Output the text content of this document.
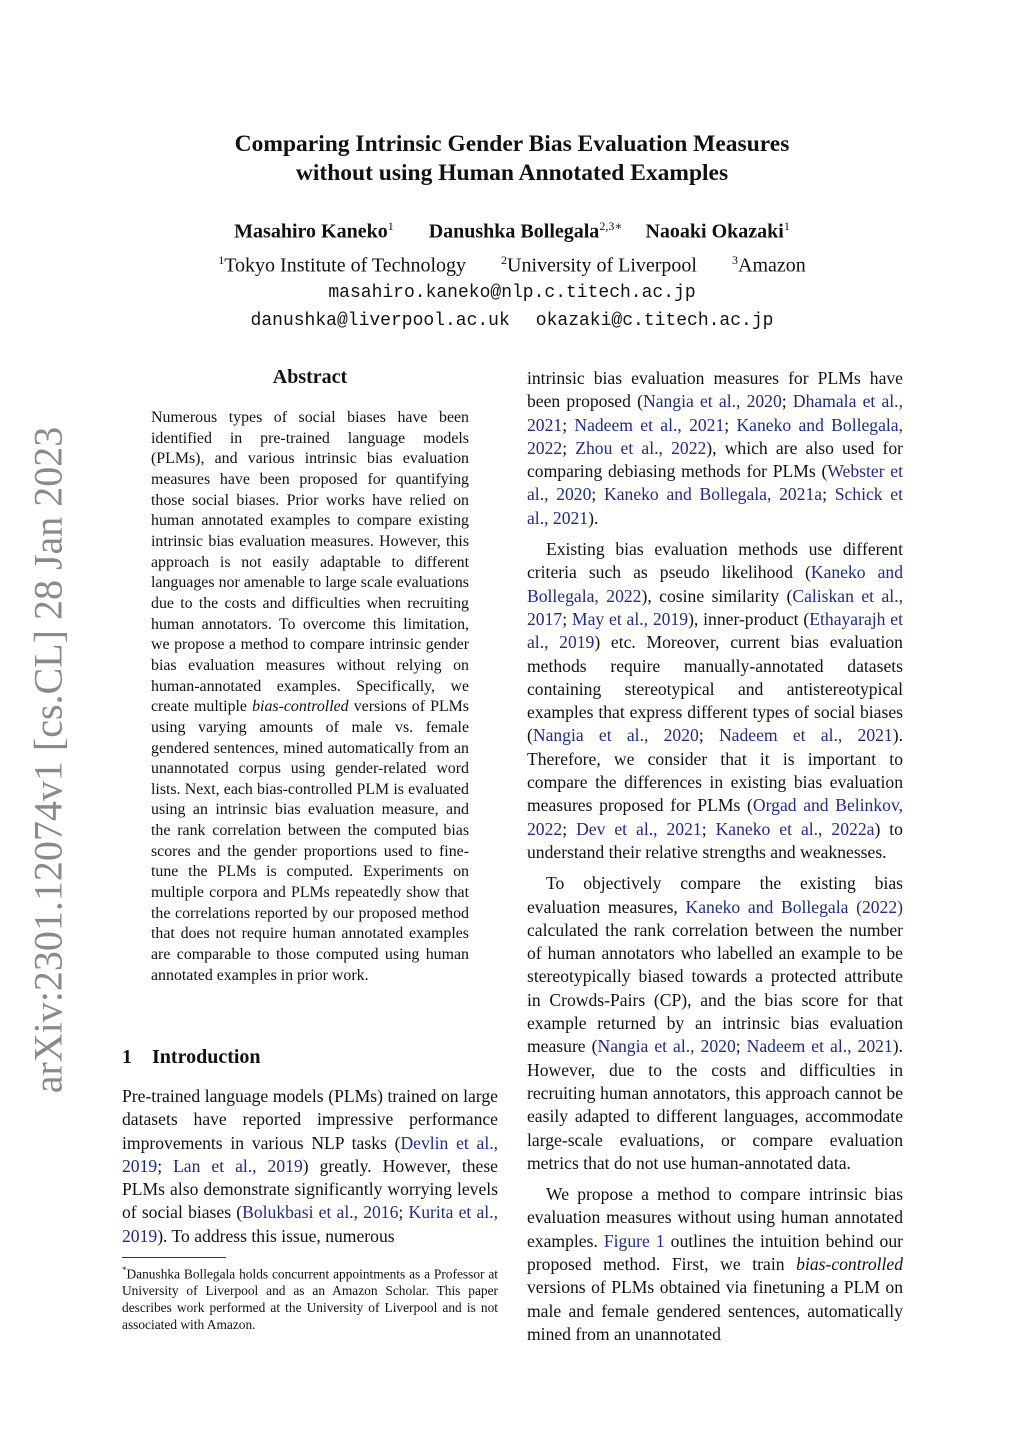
arXiv:2301.12074v1 [cs.CL] 28 Jan 2023
Comparing Intrinsic Gender Bias Evaluation Measures
without using Human Annotated Examples
Masahiro Kaneko$^1$ Danushka Bollegala$^{2,3∗}$ Naoaki Okazaki$^1$
$^1$Tokyo Institute of Technology	$^2$University of Liverpool	$^3$Amazon
masahiro.kaneko@nlp.c.titech.ac.jp
danushka@liverpool.ac.uk okazaki@c.titech.ac.jp
Abstract
Numerous types of social biases have been identified in pre-trained language models (PLMs), and various intrinsic bias evaluation measures have been proposed for quantifying those social biases. Prior works have relied on human annotated examples to compare existing intrinsic bias evaluation measures. However, this approach is not easily adaptable to different languages nor amenable to large scale evaluations due to the costs and difficulties when recruiting human annotators. To overcome this limitation, we propose a method to compare intrinsic gender bias evaluation measures without relying on human-annotated examples. Specifically, we create multiple bias-controlled versions of PLMs using varying amounts of male vs. female gendered sentences, mined automatically from an unannotated corpus using gender-related word lists. Next, each bias-controlled PLM is evaluated using an intrinsic bias evaluation measure, and the rank correlation between the computed bias scores and the gender proportions used to fine-tune the PLMs is computed. Experiments on multiple corpora and PLMs repeatedly show that the correlations reported by our proposed method that does not require human annotated examples are comparable to those computed using human annotated examples in prior work.
1 Introduction
Pre-trained language models (PLMs) trained on large datasets have reported impressive performance improvements in various NLP tasks (Devlin et al., 2019; Lan et al., 2019) greatly. However, these PLMs also demonstrate significantly worrying levels of social biases (Bolukbasi et al., 2016; Kurita et al., 2019). To address this issue, numerous
*Danushka Bollegala holds concurrent appointments as a Professor at University of Liverpool and as an Amazon Scholar. This paper describes work performed at the University of Liverpool and is not associated with Amazon.

intrinsic bias evaluation measures for PLMs have been proposed (Nangia et al., 2020; Dhamala et al., 2021; Nadeem et al., 2021; Kaneko and Bollegala, 2022; Zhou et al., 2022), which are also used for comparing debiasing methods for PLMs (Webster et al., 2020; Kaneko and Bollegala, 2021a; Schick et al., 2021).

Existing bias evaluation methods use different criteria such as pseudo likelihood (Kaneko and Bollegala, 2022), cosine similarity (Caliskan et al., 2017; May et al., 2019), inner-product (Ethayarajh et al., 2019) etc. Moreover, current bias evaluation methods require manually-annotated datasets containing stereotypical and antistereotypical examples that express different types of social biases (Nangia et al., 2020; Nadeem et al., 2021). Therefore, we consider that it is important to compare the differences in existing bias evaluation measures proposed for PLMs (Orgad and Belinkov, 2022; Dev et al., 2021; Kaneko et al., 2022a) to understand their relative strengths and weaknesses.

To objectively compare the existing bias evaluation measures, Kaneko and Bollegala (2022) calculated the rank correlation between the number of human annotators who labelled an example to be stereotypically biased towards a protected attribute in Crowds-Pairs (CP), and the bias score for that example returned by an intrinsic bias evaluation measure (Nangia et al., 2020; Nadeem et al., 2021). However, due to the costs and difficulties in recruiting human annotators, this approach cannot be easily adapted to different languages, accommodate large-scale evaluations, or compare evaluation metrics that do not use human-annotated data.

We propose a method to compare intrinsic bias evaluation measures without using human annotated examples. Figure 1 outlines the intuition behind our proposed method. First, we train bias-controlled versions of PLMs obtained via finetuning a PLM on male and female gendered sentences, automatically mined from an unannotated
